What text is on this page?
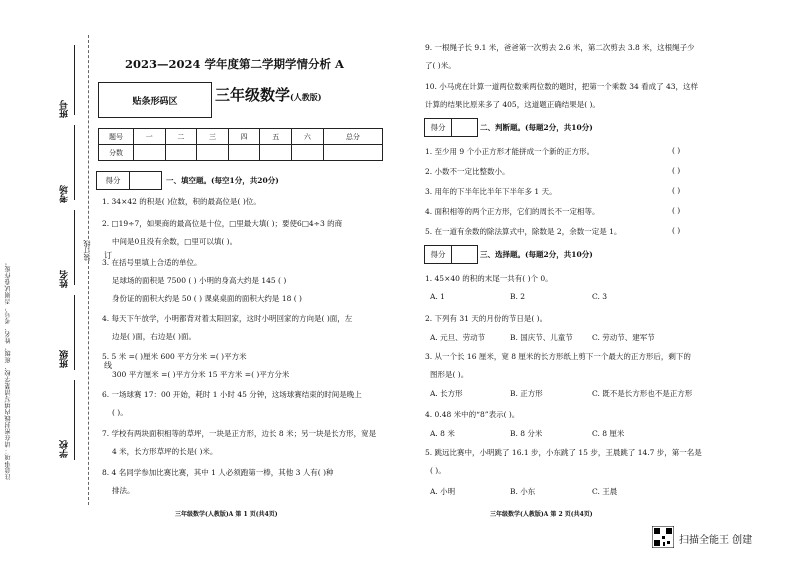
注意事项：请在密封线内填写清楚学校、班级、姓名、考号，否则试卷作废。
班号
考场
姓名
班级
学校
装订线 订
线
2023—2024 学年度第二学期学情分析 A
贴条形码区	三年级数学(人教版)
题号	一	二	三	四	五	六	总分
分数							
得分	一、填空题。(每空1分，共20分)
1. 34×42 的积是( )位数，积的最高位是( )位。
2. □19÷7，如果商的最高位是十位，□里最大填( )；要使6□4÷3 的商
中间是0且没有余数，□里可以填( )。
3. 在括号里填上合适的单位。
足球场的面积是 7500 ( ) 小明的身高大约是 145 ( )
身份证的面积大约是 50 ( ) 课桌桌面的面积大约是 18 ( )
4. 每天下午放学，小明都背对着太阳回家，这时小明回家的方向是( )面，左
边是( )面，右边是( )面。
5. 5 米 =( )厘米 600 平方分米 =( )平方米
300 平方厘米 =( )平方分米 15 平方米 =( )平方分米
6. 一场球赛 17：00 开始，耗时 1 小时 45 分钟，这场球赛结束的时间是晚上
( )。
7. 学校有两块面积相等的草坪，一块是正方形，边长 8 米；另一块是长方形，宽是
4 米，长方形草坪的长是( )米。
8. 4 名同学参加比赛比赛，其中 1 人必须跑第一棒，其他 3 人有( )种
排法。
三年级数学(人教版)A 第 1 页(共4页)
9. 一根绳子长 9.1 米，爸爸第一次剪去 2.6 米，第二次剪去 3.8 米，这根绳子少
了( )米。
10. 小马虎在计算一道两位数乘两位数的题时，把第一个乘数 34 看成了 43，这样
计算的结果比原来多了 405，这道题正确结果是( )。
得分	二、判断题。(每题2分，共10分)
1. 至少用 9 个小正方形才能拼成一个新的正方形。	( )
2. 小数不一定比整数小。	( )
3. 用年的下半年比半年下半年多 1 天。	( )
4. 面积相等的两个正方形，它们的周长不一定相等。	( )
5. 在一道有余数的除法算式中，除数是 2，余数一定是 1。	( )
得分	三、选择题。(每题2分，共10分)
1. 45×40 的积的末尾一共有( )个 0。
A. 1	B. 2	C. 3
2. 下列有 31 天的月份的节日是( )。
A. 元旦、劳动节	B. 国庆节、儿童节	C. 劳动节、建军节
3. 从一个长 16 厘米，宽 8 厘米的长方形纸上剪下一个最大的正方形后，剩下的
图形是( )。
A. 长方形	B. 正方形	C. 既不是长方形也不是正方形
4. 0.48 米中的“8”表示( )。
A. 8 米	B. 8 分米	C. 8 厘米
5. 跳远比赛中，小明跳了 16.1 步，小东跳了 15 步，王晨跳了 14.7 步，第一名是
( )。
A. 小明	B. 小东	C. 王晨
三年级数学(人教版)A 第 2 页(共4页)
扫描全能王 创建
